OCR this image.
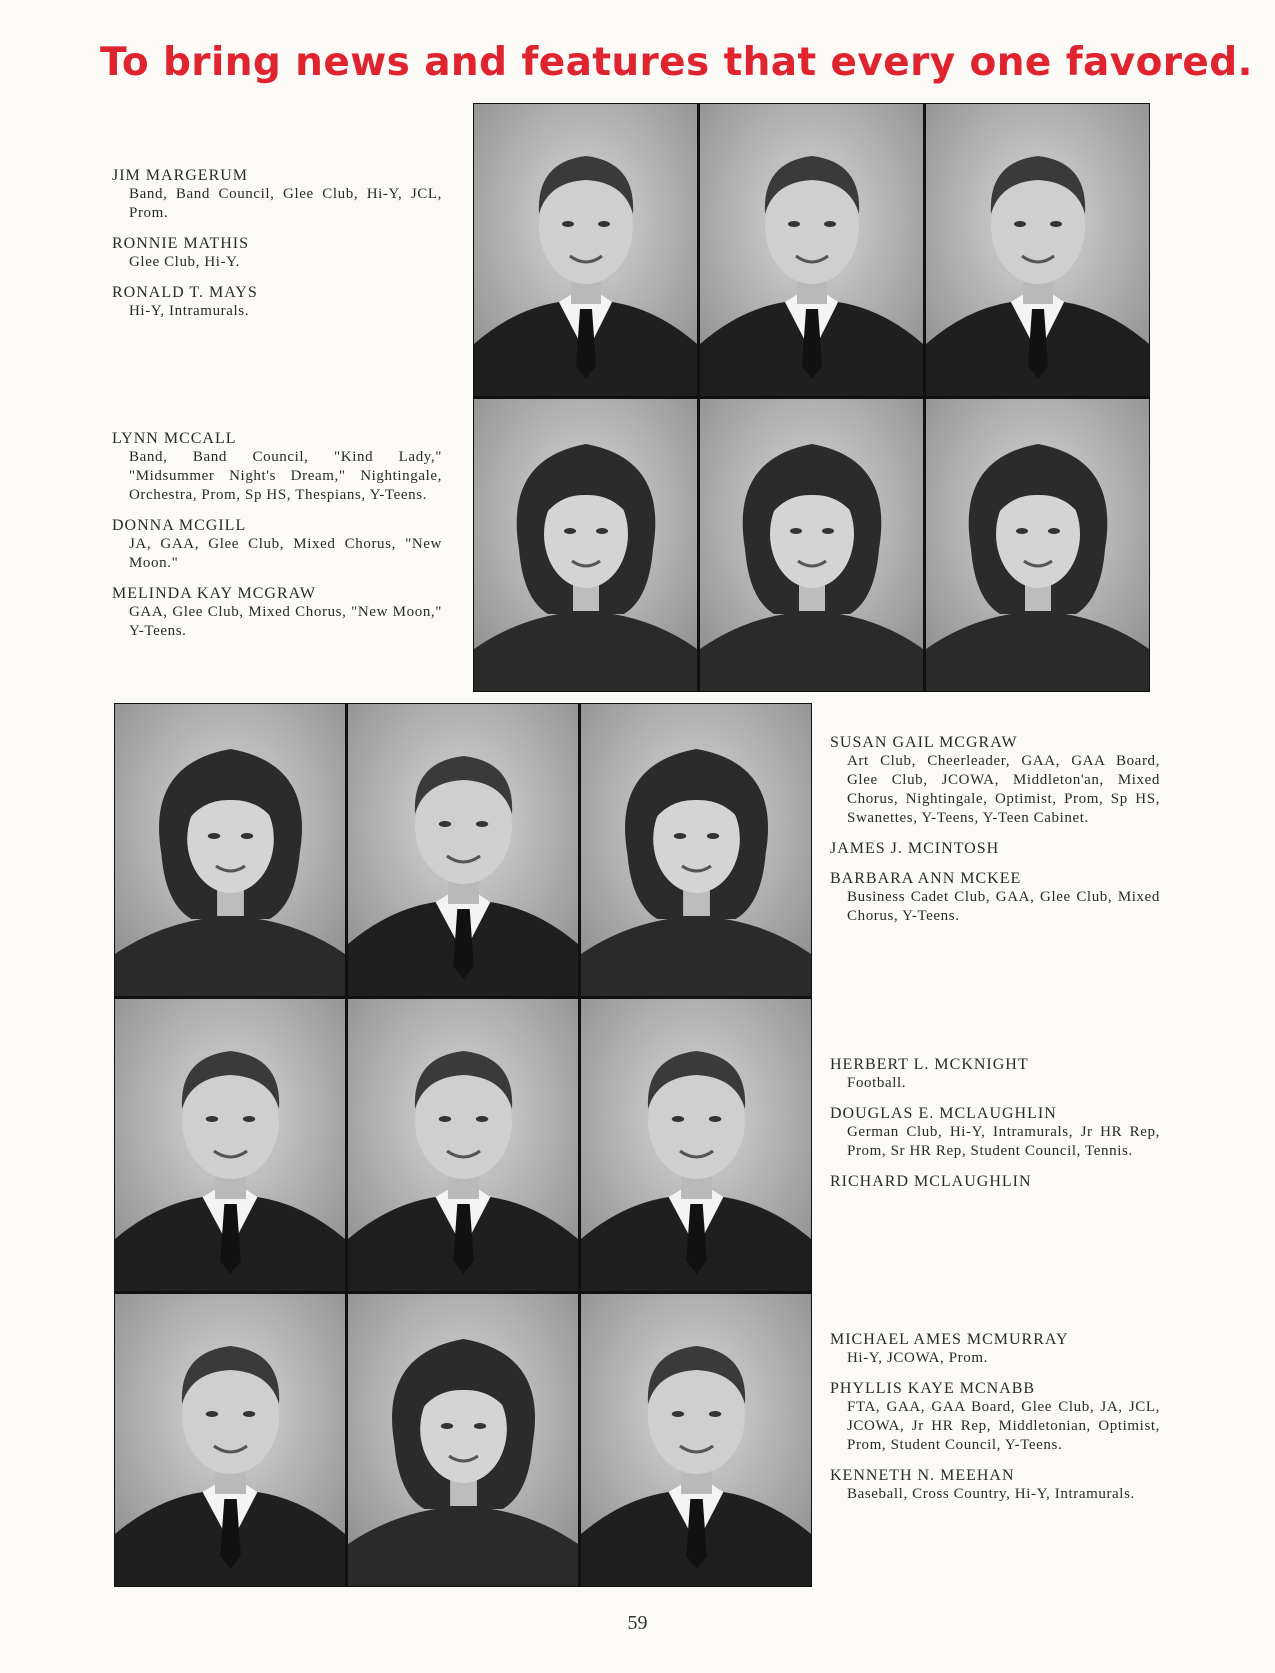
To bring news and features that every one favored.
JIM MARGERUM
Band, Band Council, Glee Club, Hi-Y, JCL, Prom.
RONNIE MATHIS
Glee Club, Hi-Y.
RONALD T. MAYS
Hi-Y, Intramurals.
LYNN MCCALL
Band, Band Council, "Kind Lady," "Midsummer Night's Dream," Nightingale, Orchestra, Prom, Sp HS, Thespians, Y-Teens.
DONNA MCGILL
JA, GAA, Glee Club, Mixed Chorus, "New Moon."
MELINDA KAY MCGRAW
GAA, Glee Club, Mixed Chorus, "New Moon," Y-Teens.
SUSAN GAIL MCGRAW
Art Club, Cheerleader, GAA, GAA Board, Glee Club, JCOWA, Middleton'an, Mixed Chorus, Nightingale, Optimist, Prom, Sp HS, Swanettes, Y-Teens, Y-Teen Cabinet.
JAMES J. MCINTOSH
BARBARA ANN MCKEE
Business Cadet Club, GAA, Glee Club, Mixed Chorus, Y-Teens.
HERBERT L. MCKNIGHT
Football.
DOUGLAS E. MCLAUGHLIN
German Club, Hi-Y, Intramurals, Jr HR Rep, Prom, Sr HR Rep, Student Council, Tennis.
RICHARD MCLAUGHLIN
MICHAEL AMES MCMURRAY
Hi-Y, JCOWA, Prom.
PHYLLIS KAYE MCNABB
FTA, GAA, GAA Board, Glee Club, JA, JCL, JCOWA, Jr HR Rep, Middletonian, Optimist, Prom, Student Council, Y-Teens.
KENNETH N. MEEHAN
Baseball, Cross Country, Hi-Y, Intramurals.
59
